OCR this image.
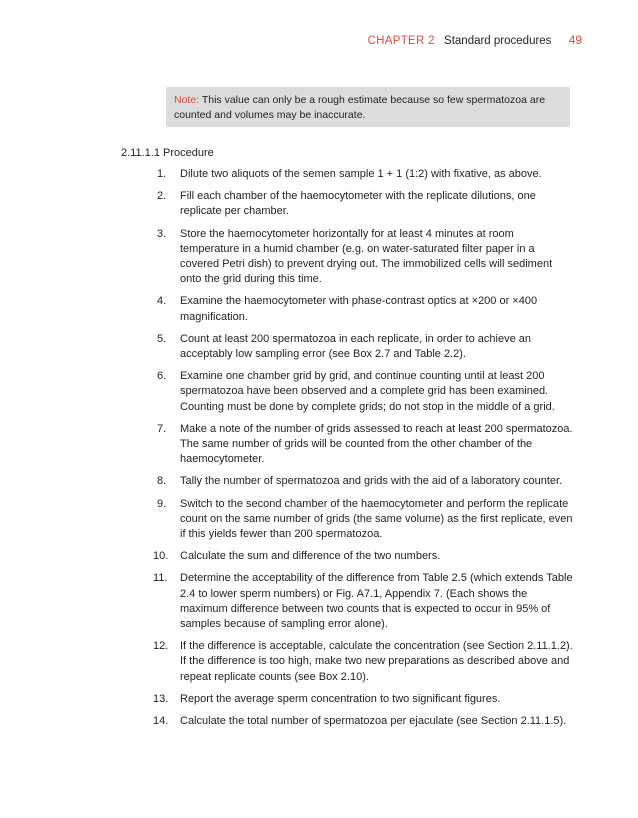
CHAPTER 2 Standard procedures 49
Note: This value can only be a rough estimate because so few spermatozoa are counted and volumes may be inaccurate.
2.11.1.1 Procedure
1.	Dilute two aliquots of the semen sample 1 + 1 (1:2) with fixative, as above.
2.	Fill each chamber of the haemocytometer with the replicate dilutions, one replicate per chamber.
3.	Store the haemocytometer horizontally for at least 4 minutes at room temperature in a humid chamber (e.g. on water-saturated filter paper in a covered Petri dish) to prevent drying out. The immobilized cells will sediment onto the grid during this time.
4.	Examine the haemocytometer with phase-contrast optics at ×200 or ×400 magnification.
5.	Count at least 200 spermatozoa in each replicate, in order to achieve an acceptably low sampling error (see Box 2.7 and Table 2.2).
6.	Examine one chamber grid by grid, and continue counting until at least 200 spermatozoa have been observed and a complete grid has been examined. Counting must be done by complete grids; do not stop in the middle of a grid.
7.	Make a note of the number of grids assessed to reach at least 200 spermatozoa. The same number of grids will be counted from the other chamber of the haemocytometer.
8.	Tally the number of spermatozoa and grids with the aid of a laboratory counter.
9.	Switch to the second chamber of the haemocytometer and perform the replicate count on the same number of grids (the same volume) as the first replicate, even if this yields fewer than 200 spermatozoa.
10.	Calculate the sum and difference of the two numbers.
11.	Determine the acceptability of the difference from Table 2.5 (which extends Table 2.4 to lower sperm numbers) or Fig. A7.1, Appendix 7. (Each shows the maximum difference between two counts that is expected to occur in 95% of samples because of sampling error alone).
12.	If the difference is acceptable, calculate the concentration (see Section 2.11.1.2). If the difference is too high, make two new preparations as described above and repeat replicate counts (see Box 2.10).
13.	Report the average sperm concentration to two significant figures.
14.	Calculate the total number of spermatozoa per ejaculate (see Section 2.11.1.5).
